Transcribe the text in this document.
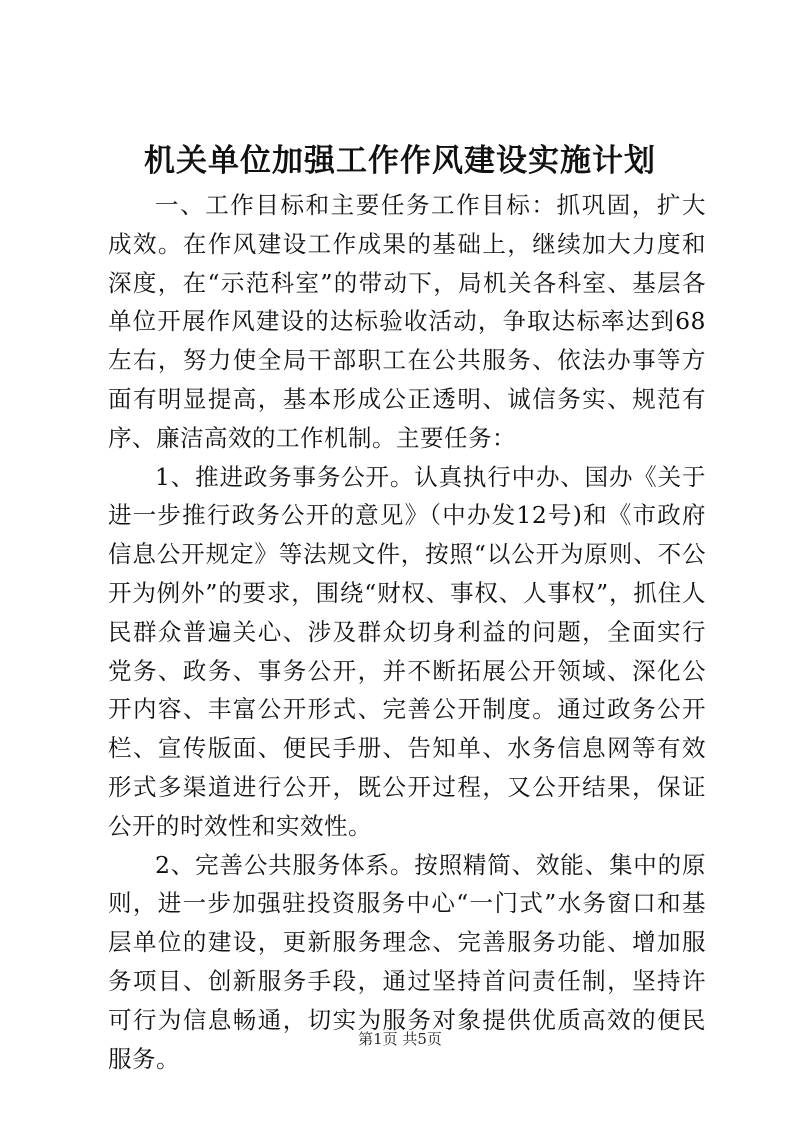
机关单位加强工作作风建设实施计划

一、工作目标和主要任务工作目标：抓巩固，扩大成效。在作风建设工作成果的基础上，继续加大力度和深度，在“示范科室”的带动下，局机关各科室、基层各单位开展作风建设的达标验收活动，争取达标率达到68左右，努力使全局干部职工在公共服务、依法办事等方面有明显提高，基本形成公正透明、诚信务实、规范有序、廉洁高效的工作机制。主要任务：

1、推进政务事务公开。认真执行中办、国办《关于进一步推行政务公开的意见》（中办发12号)和《市政府信息公开规定》等法规文件，按照“以公开为原则、不公开为例外”的要求，围绕“财权、事权、人事权”，抓住人民群众普遍关心、涉及群众切身利益的问题，全面实行党务、政务、事务公开，并不断拓展公开领域、深化公开内容、丰富公开形式、完善公开制度。通过政务公开栏、宣传版面、便民手册、告知单、水务信息网等有效形式多渠道进行公开，既公开过程，又公开结果，保证公开的时效性和实效性。

2、完善公共服务体系。按照精简、效能、集中的原则，进一步加强驻投资服务中心“一门式”水务窗口和基层单位的建设，更新服务理念、完善服务功能、增加服务项目、创新服务手段，通过坚持首问责任制，坚持许可行为信息畅通，切实为服务对象提供优质高效的便民服务。

第1页 共5页
